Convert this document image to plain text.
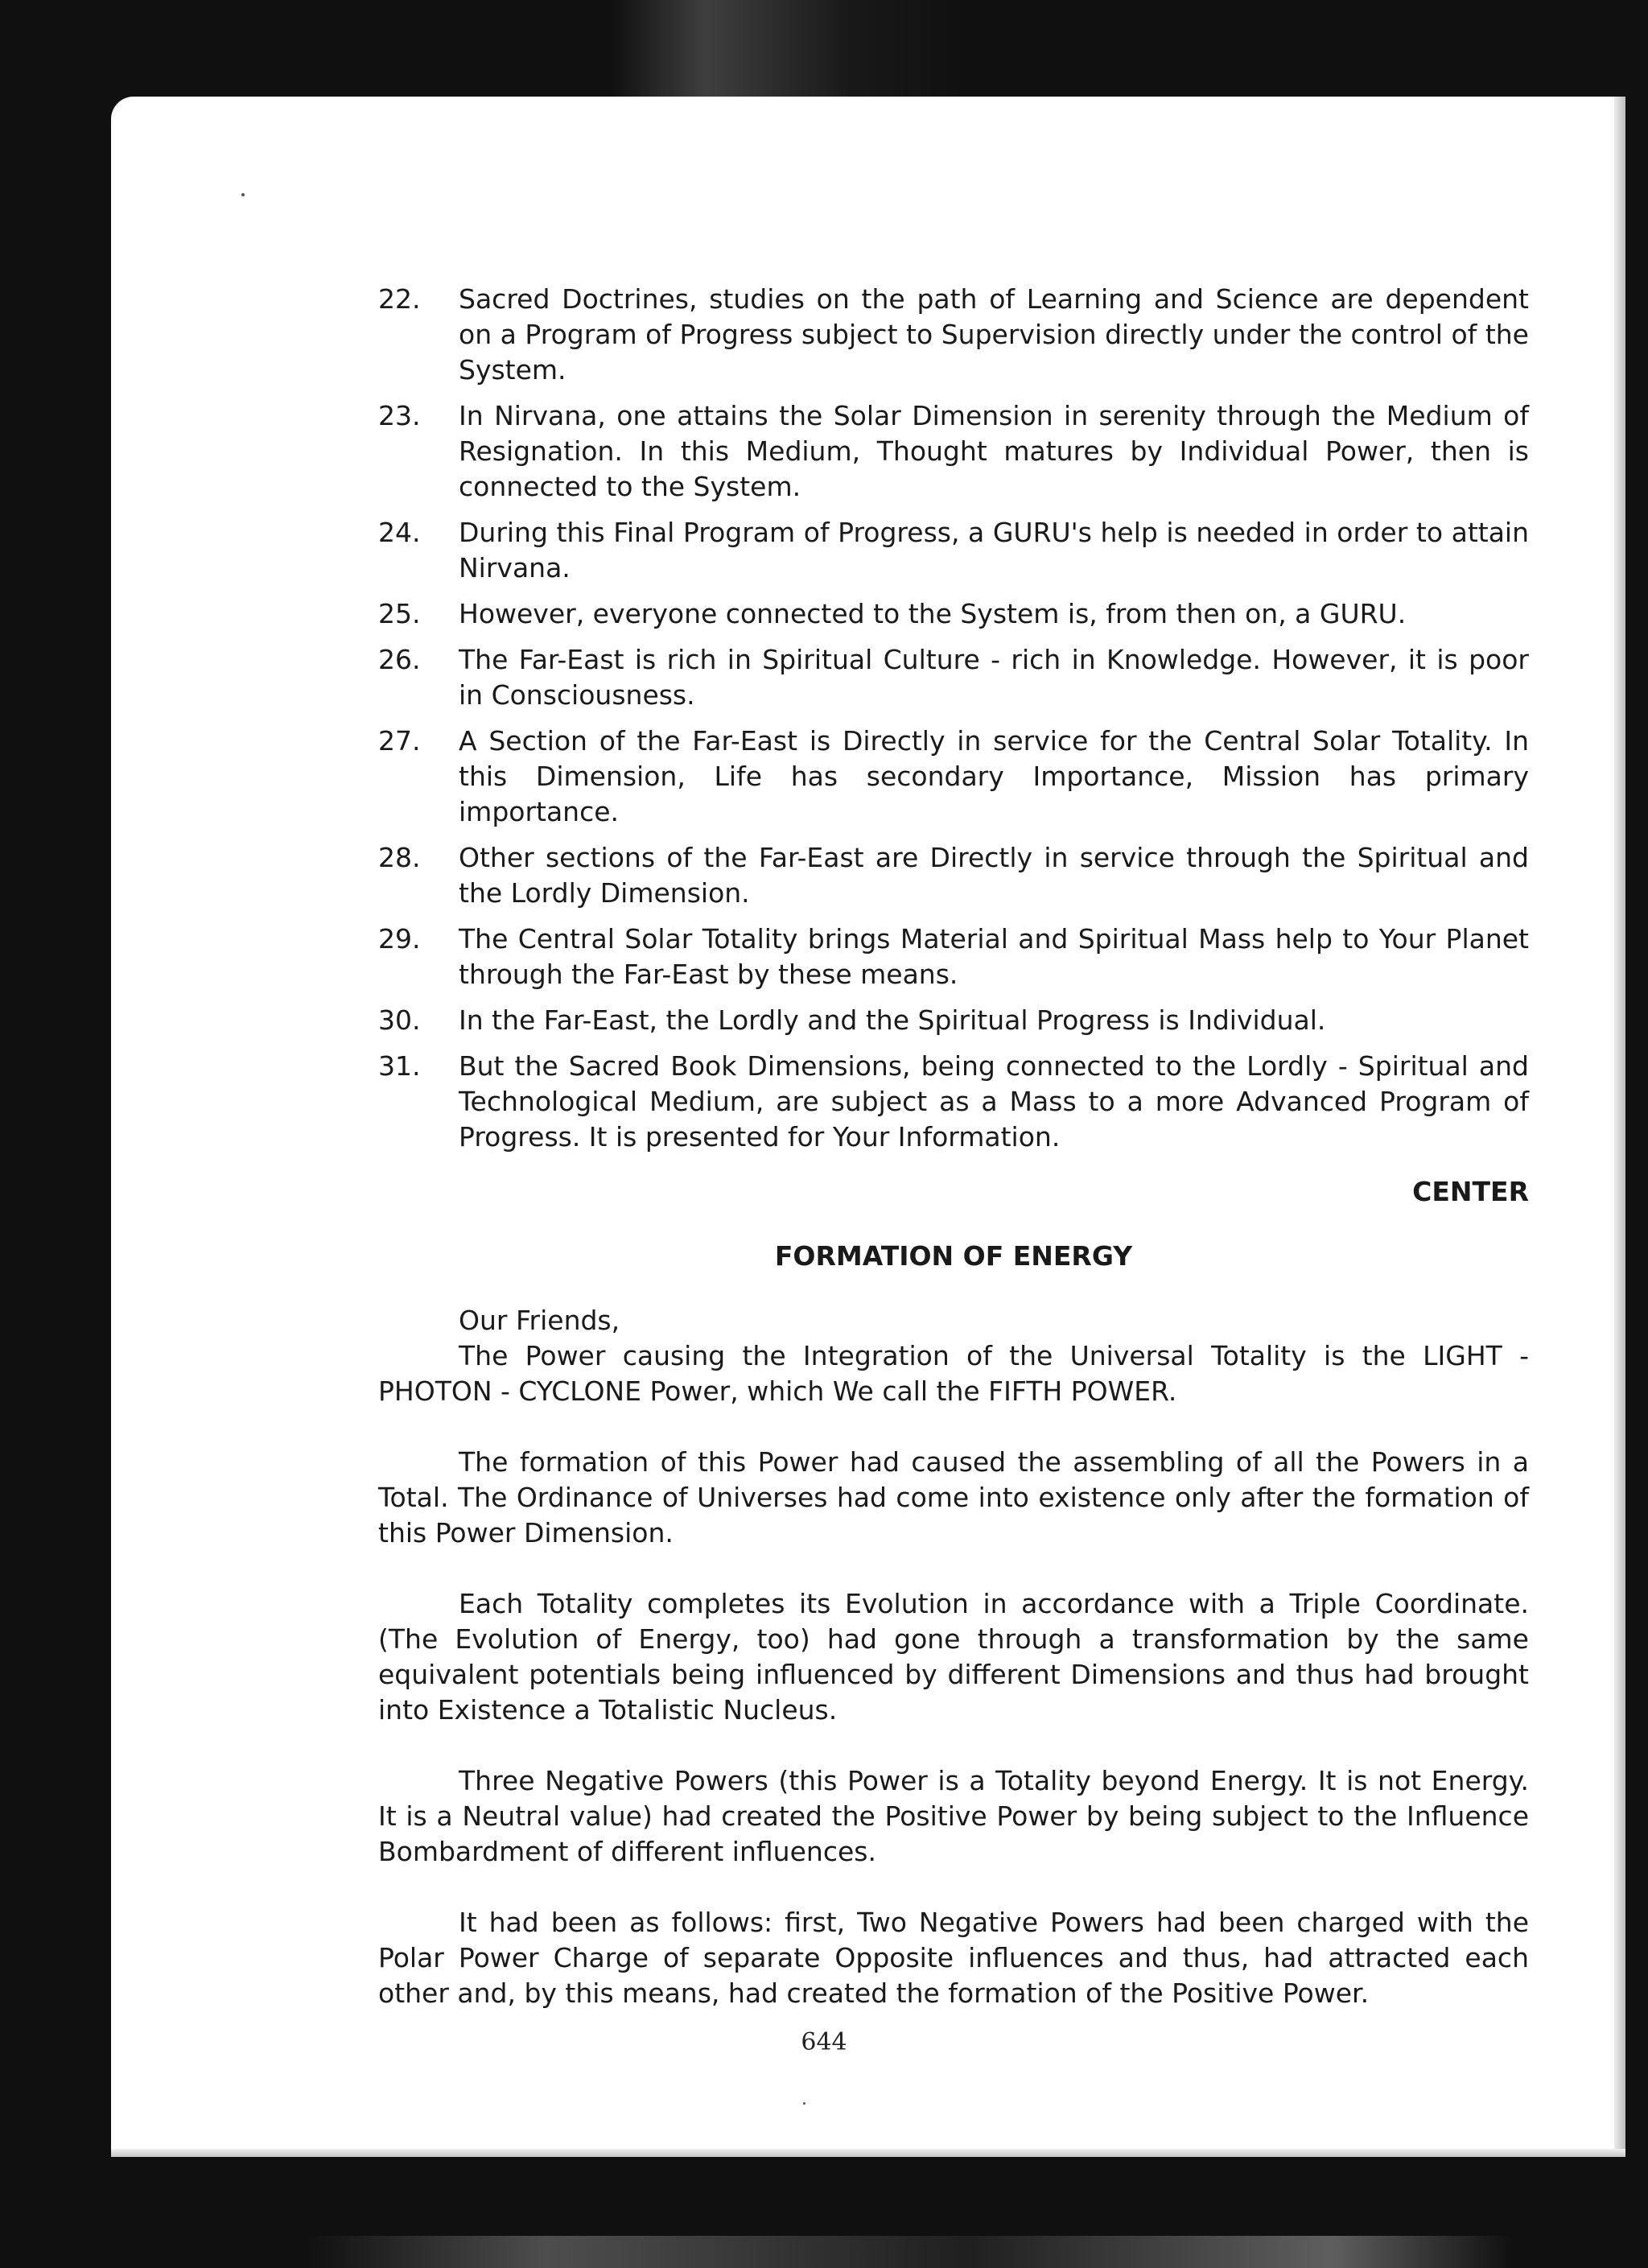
22. Sacred Doctrines, studies on the path of Learning and Science are dependent on a Program of Progress subject to Supervision directly under the control of the System.
23. In Nirvana, one attains the Solar Dimension in serenity through the Medium of Resignation. In this Medium, Thought matures by Individual Power, then is connected to the System.
24. During this Final Program of Progress, a GURU's help is needed in order to attain Nirvana.
25. However, everyone connected to the System is, from then on, a GURU.
26. The Far-East is rich in Spiritual Culture - rich in Knowledge. However, it is poor in Consciousness.
27. A Section of the Far-East is Directly in service for the Central Solar Totality. In this Dimension, Life has secondary Importance, Mission has primary importance.
28. Other sections of the Far-East are Directly in service through the Spiritual and the Lordly Dimension.
29. The Central Solar Totality brings Material and Spiritual Mass help to Your Planet through the Far-East by these means.
30. In the Far-East, the Lordly and the Spiritual Progress is Individual.
31. But the Sacred Book Dimensions, being connected to the Lordly - Spiritual and Technological Medium, are subject as a Mass to a more Advanced Program of Progress. It is presented for Your Information.
CENTER
FORMATION OF ENERGY
Our Friends,
The Power causing the Integration of the Universal Totality is the LIGHT - PHOTON - CYCLONE Power, which We call the FIFTH POWER.
The formation of this Power had caused the assembling of all the Powers in a Total. The Ordinance of Universes had come into existence only after the formation of this Power Dimension.
Each Totality completes its Evolution in accordance with a Triple Coordinate. (The Evolution of Energy, too) had gone through a transformation by the same equivalent potentials being influenced by different Dimensions and thus had brought into Existence a Totalistic Nucleus.
Three Negative Powers (this Power is a Totality beyond Energy. It is not Energy. It is a Neutral value) had created the Positive Power by being subject to the Influence Bombardment of different influences.
It had been as follows: first, Two Negative Powers had been charged with the Polar Power Charge of separate Opposite influences and thus, had attracted each other and, by this means, had created the formation of the Positive Power.
644
